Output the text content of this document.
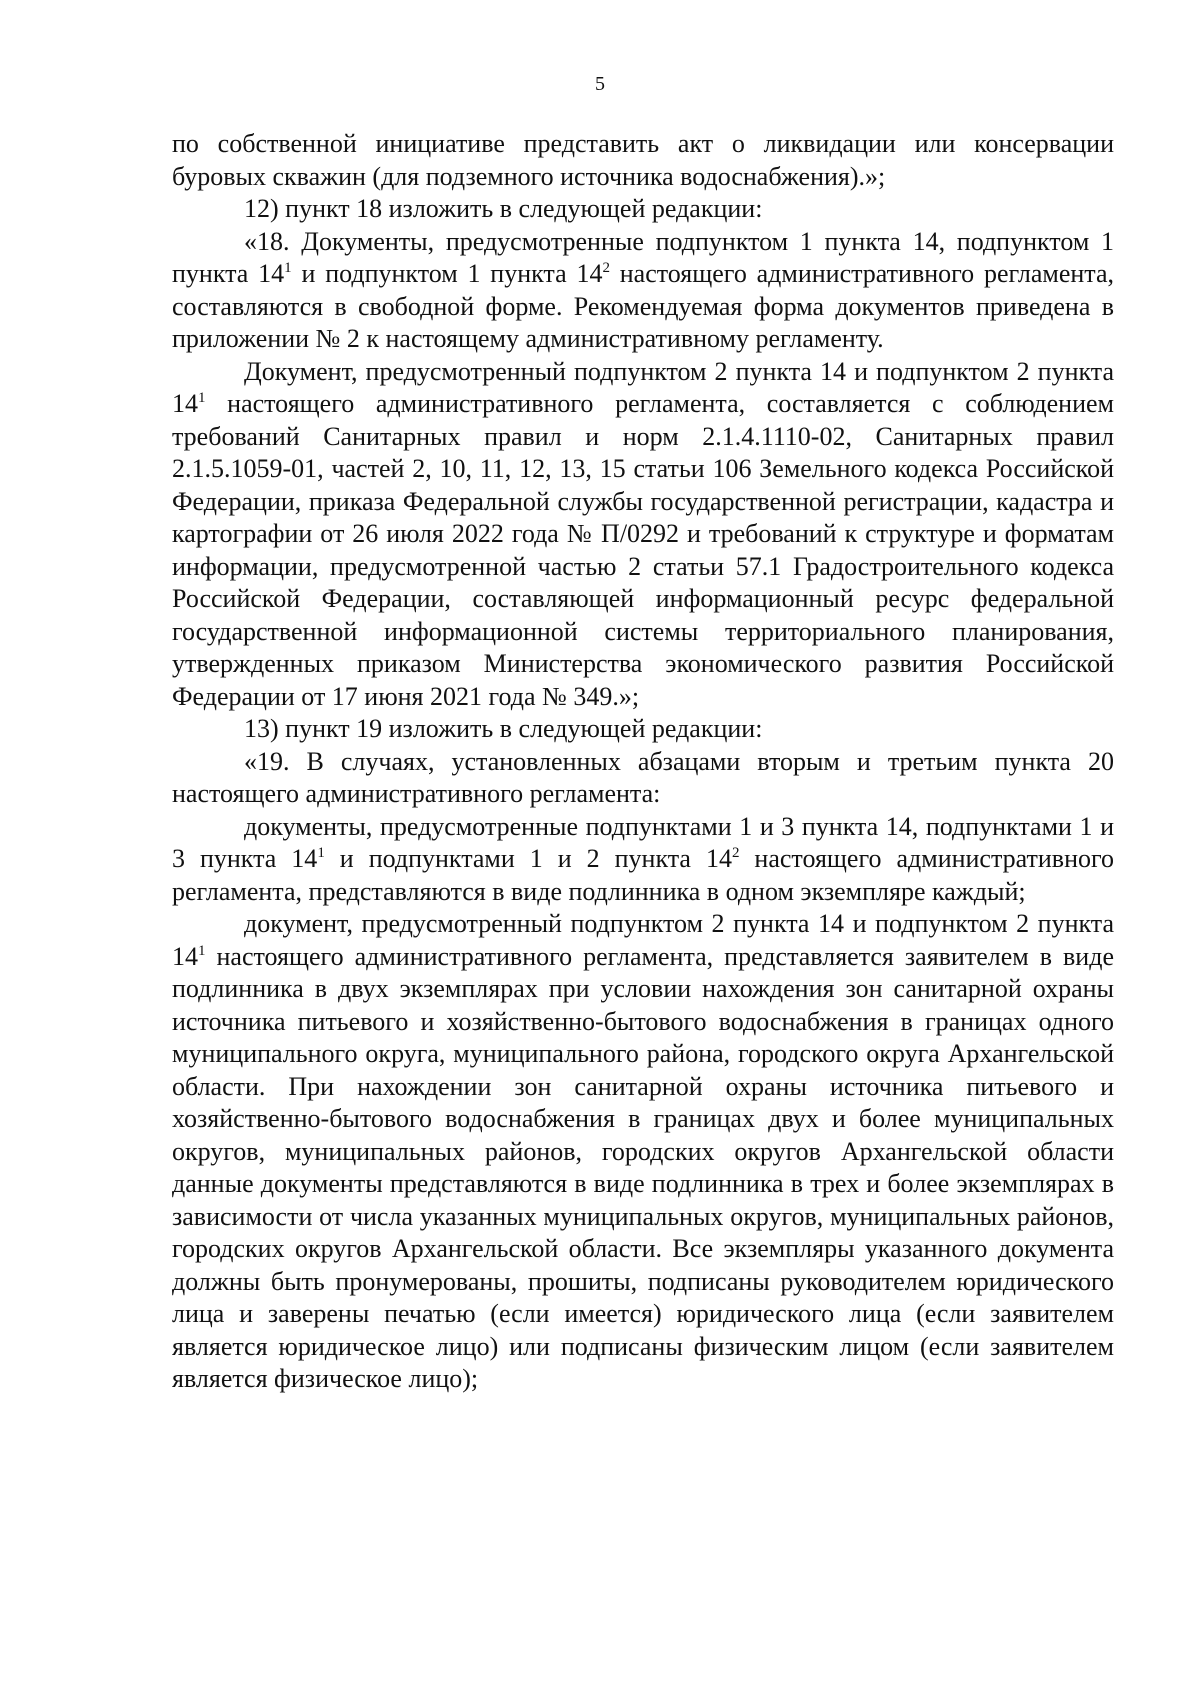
5

по собственной инициативе представить акт о ликвидации или консервации буровых скважин (для подземного источника водоснабжения).»;

12) пункт 18 изложить в следующей редакции:

«18. Документы, предусмотренные подпунктом 1 пункта 14, подпунктом 1 пункта $14^1$ и подпунктом 1 пункта $14^2$ настоящего административного регламента, составляются в свободной форме. Рекомендуемая форма документов приведена в приложении № 2 к настоящему административному регламенту.

Документ, предусмотренный подпунктом 2 пункта 14 и подпунктом 2 пункта $14^1$ настоящего административного регламента, составляется с соблюдением требований Санитарных правил и норм 2.1.4.1110-02, Санитарных правил 2.1.5.1059-01, частей 2, 10, 11, 12, 13, 15 статьи 106 Земельного кодекса Российской Федерации, приказа Федеральной службы государственной регистрации, кадастра и картографии от 26 июля 2022 года № П/0292 и требований к структуре и форматам информации, предусмотренной частью 2 статьи 57.1 Градостроительного кодекса Российской Федерации, составляющей информационный ресурс федеральной государственной информационной системы территориального планирования, утвержденных приказом Министерства экономического развития Российской Федерации от 17 июня 2021 года № 349.»;

13) пункт 19 изложить в следующей редакции:

«19. В случаях, установленных абзацами вторым и третьим пункта 20 настоящего административного регламента:

документы, предусмотренные подпунктами 1 и 3 пункта 14, подпунктами 1 и 3 пункта $14^1$ и подпунктами 1 и 2 пункта $14^2$ настоящего административного регламента, представляются в виде подлинника в одном экземпляре каждый;

документ, предусмотренный подпунктом 2 пункта 14 и подпунктом 2 пункта $14^1$ настоящего административного регламента, представляется заявителем в виде подлинника в двух экземплярах при условии нахождения зон санитарной охраны источника питьевого и хозяйственно-бытового водоснабжения в границах одного муниципального округа, муниципального района, городского округа Архангельской области. При нахождении зон санитарной охраны источника питьевого и хозяйственно-бытового водоснабжения в границах двух и более муниципальных округов, муниципальных районов, городских округов Архангельской области данные документы представляются в виде подлинника в трех и более экземплярах в зависимости от числа указанных муниципальных округов, муниципальных районов, городских округов Архангельской области. Все экземпляры указанного документа должны быть пронумерованы, прошиты, подписаны руководителем юридического лица и заверены печатью (если имеется) юридического лица (если заявителем является юридическое лицо) или подписаны физическим лицом (если заявителем является физическое лицо);
